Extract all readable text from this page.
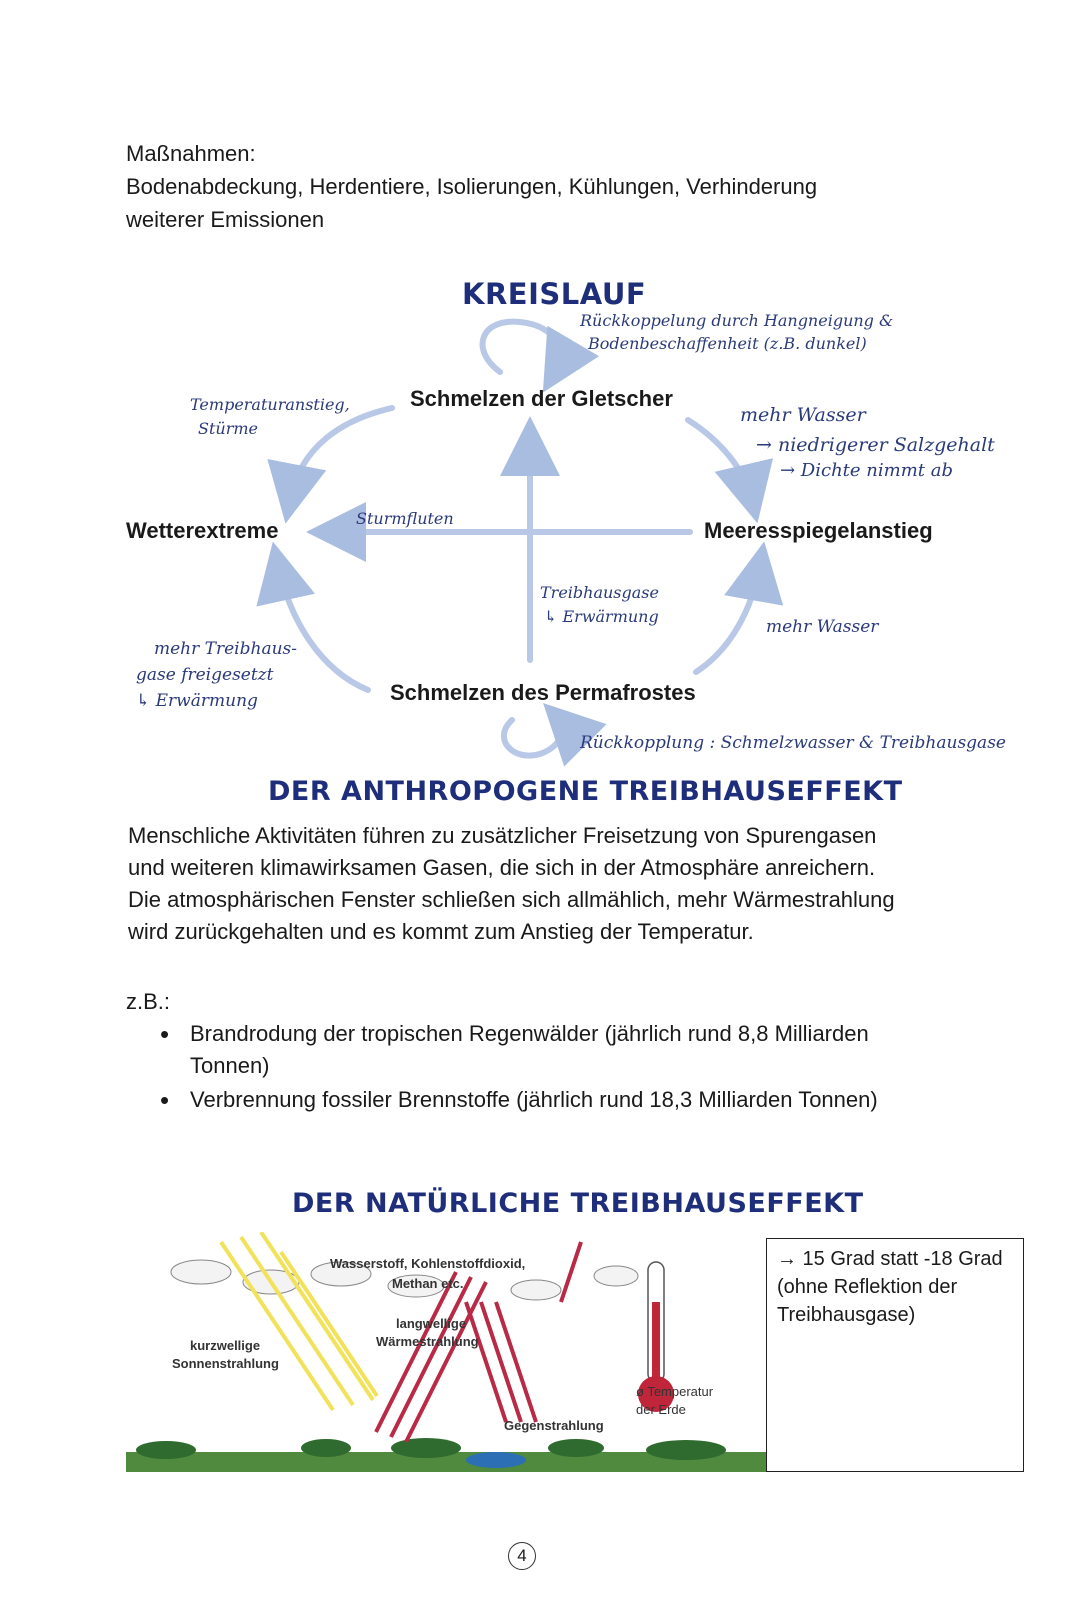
Maßnahmen:
Bodenabdeckung, Herdentiere, Isolierungen, Kühlungen, Verhinderung
weiterer Emissionen
KREISLAUF
Rückkoppelung durch Hangneigung &
Bodenbeschaffenheit (z.B. dunkel)
Schmelzen der Gletscher
Wetterextreme	Meeresspiegelanstieg
Schmelzen des Permafrostes
Temperaturanstieg,
Stürme
mehr Wasser
→ niedrigerer Salzgehalt
→ Dichte nimmt ab
Sturmfluten
Treibhausgase
↳ Erwärmung
mehr Wasser
mehr Treibhaus-
gase freigesetzt
↳ Erwärmung
Rückkopplung : Schmelzwasser & Treibhausgase
DER ANTHROPOGENE TREIBHAUSEFFEKT
Menschliche Aktivitäten führen zu zusätzlicher Freisetzung von Spurengasen
und weiteren klimawirksamen Gasen, die sich in der Atmosphäre anreichern.
Die atmosphärischen Fenster schließen sich allmählich, mehr Wärmestrahlung
wird zurückgehalten und es kommt zum Anstieg der Temperatur.
z.B.:
• Brandrodung der tropischen Regenwälder (jährlich rund 8,8 Milliarden
Tonnen)
• Verbrennung fossiler Brennstoffe (jährlich rund 18,3 Milliarden Tonnen)
DER NATÜRLICHE TREIBHAUSEFFEKT
Wasserstoff, Kohlenstoffdioxid,
Methan etc.
langwellige
Wärmestrahlung
kurzwellige
Sonnenstrahlung
Gegenstrahlung
ø Temperatur
der Erde
→ 15 Grad statt -18 Grad
(ohne Reflektion der
Treibhausgase)
4
